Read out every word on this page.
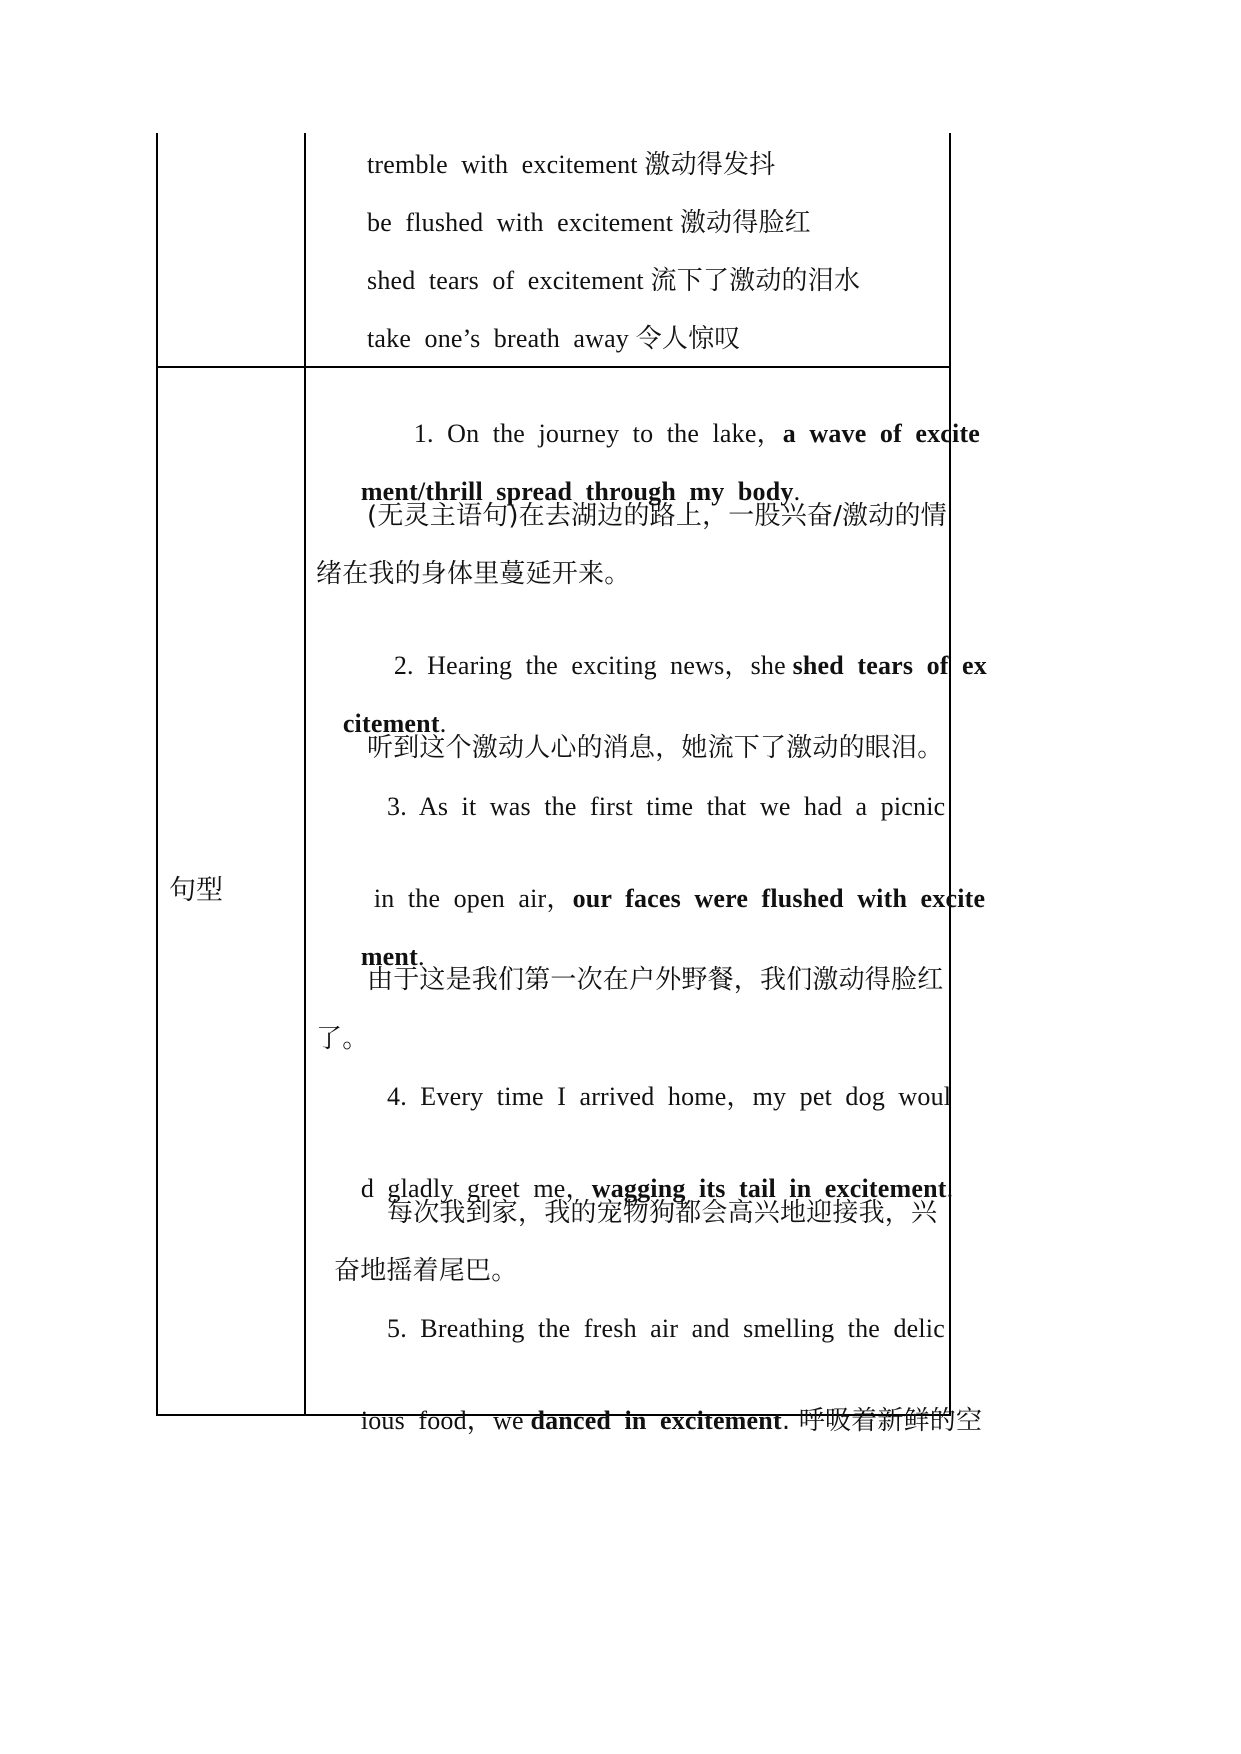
tremble  with  excitement 激动得发抖
be  flushed  with  excitement 激动得脸红
shed  tears  of  excitement 流下了激动的泪水
take  one’s  breath  away 令人惊叹
句型

1.  On  the  journey  to  the  lake，a  wave  of  excite

ment/thrill  spread  through  my  body.

(无灵主语句)在去湖边的路上，一股兴奋/激动的情
绪在我的身体里蔓延开来。

2.  Hearing  the  exciting  news，she shed  tears  of  ex

citement.

听到这个激动人心的消息，她流下了激动的眼泪。
3.  As  it  was  the  first  time  that  we  had  a  picnic

in  the  open  air，our  faces  were  flushed  with  excite

ment.

由于这是我们第一次在户外野餐，我们激动得脸红
了。
4.  Every  time  I  arrived  home，my  pet  dog  woul

d  gladly  greet  me，wagging  its  tail  in  excitement.

每次我到家，我的宠物狗都会高兴地迎接我，兴
奋地摇着尾巴。
5.  Breathing  the  fresh  air  and  smelling  the  delic

ious  food，we danced  in  excitement. 呼吸着新鲜的空
